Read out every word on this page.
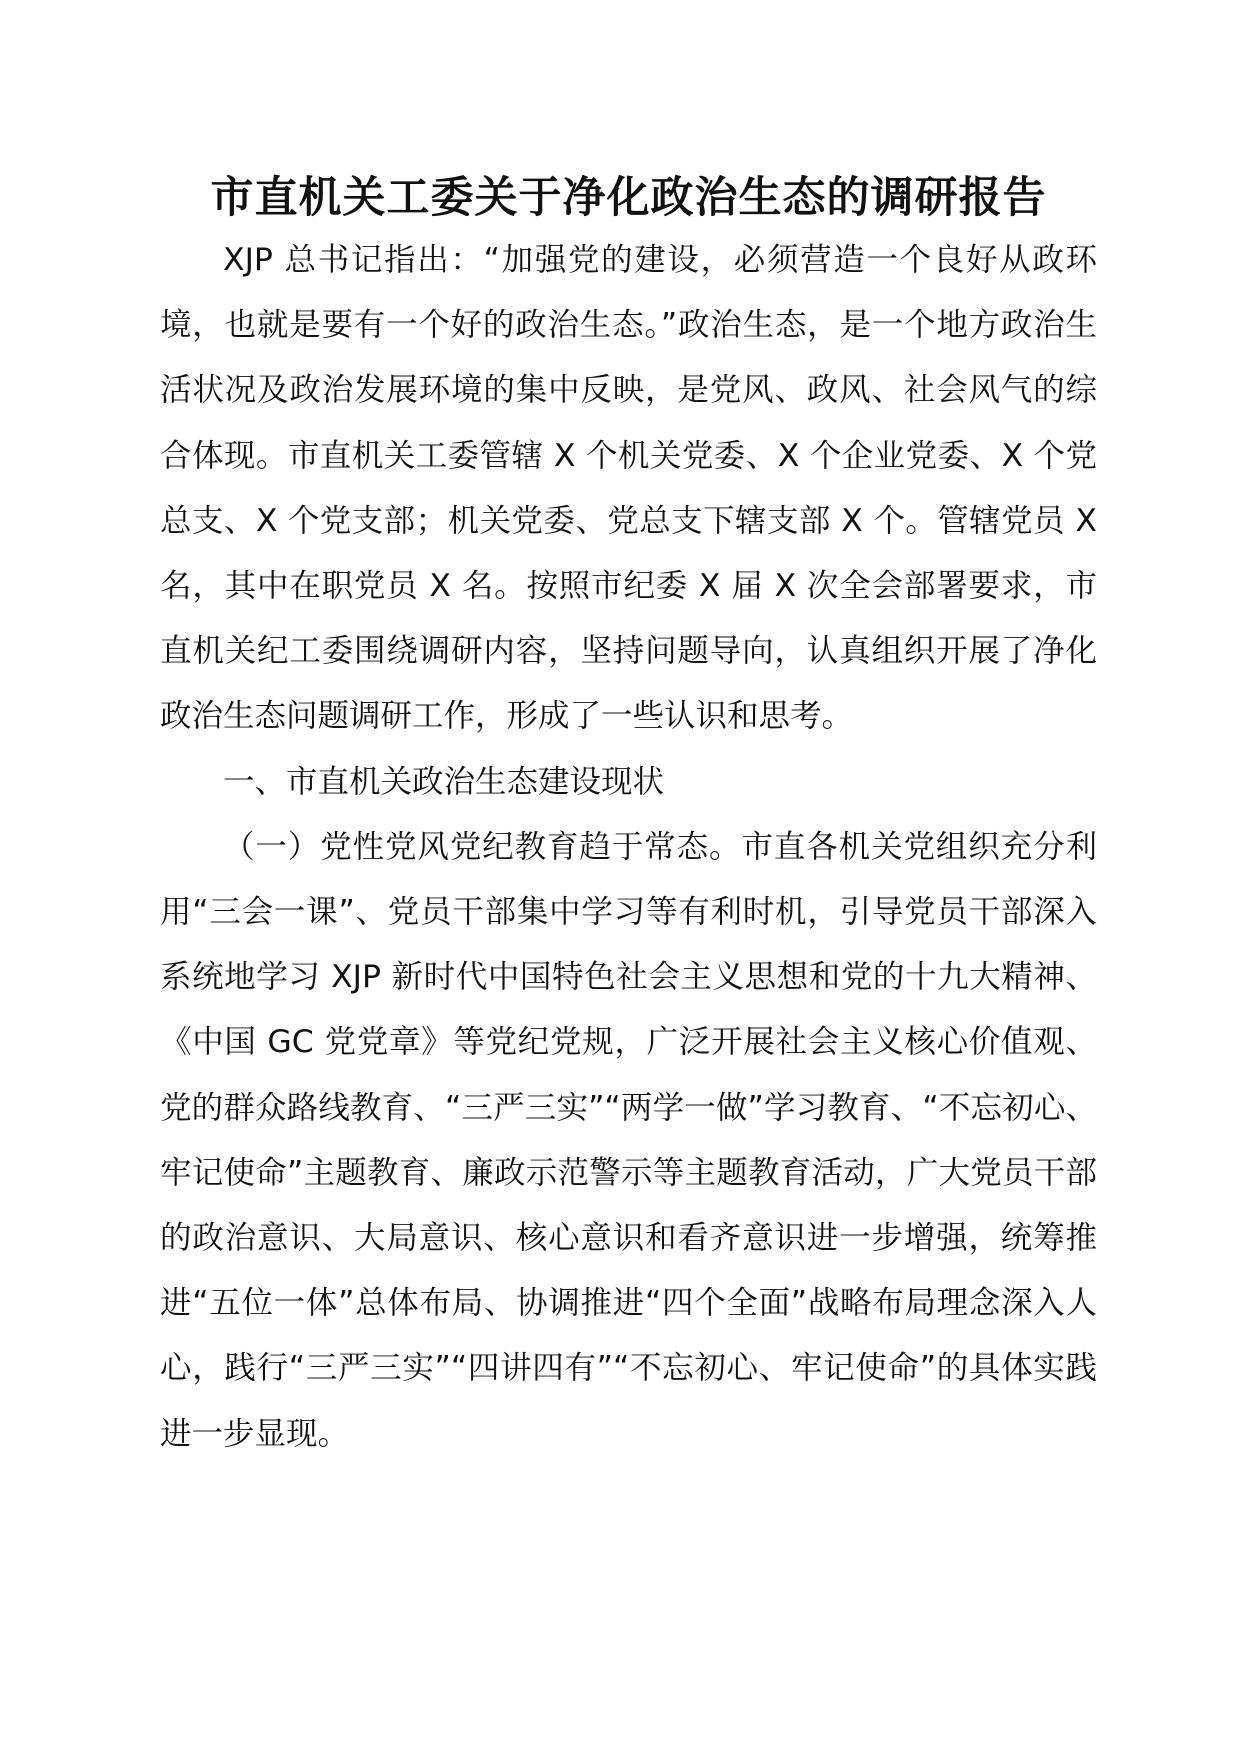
市直机关工委关于净化政治生态的调研报告

XJP 总书记指出：“加强党的建设，必须营造一个良好从政环境，也就是要有一个好的政治生态。”政治生态，是一个地方政治生活状况及政治发展环境的集中反映，是党风、政风、社会风气的综合体现。市直机关工委管辖 X 个机关党委、X 个企业党委、X 个党总支、X 个党支部；机关党委、党总支下辖支部 X 个。管辖党员 X 名，其中在职党员 X 名。按照市纪委 X 届 X 次全会部署要求，市直机关纪工委围绕调研内容，坚持问题导向，认真组织开展了净化政治生态问题调研工作，形成了一些认识和思考。

一、市直机关政治生态建设现状

（一）党性党风党纪教育趋于常态。市直各机关党组织充分利用“三会一课”、党员干部集中学习等有利时机，引导党员干部深入系统地学习 XJP 新时代中国特色社会主义思想和党的十九大精神、《中国 GC 党党章》等党纪党规，广泛开展社会主义核心价值观、党的群众路线教育、“三严三实”“两学一做”学习教育、“不忘初心、牢记使命”主题教育、廉政示范警示等主题教育活动，广大党员干部的政治意识、大局意识、核心意识和看齐意识进一步增强，统筹推进“五位一体”总体布局、协调推进“四个全面”战略布局理念深入人心，践行“三严三实”“四讲四有”“不忘初心、牢记使命”的具体实践进一步显现。
